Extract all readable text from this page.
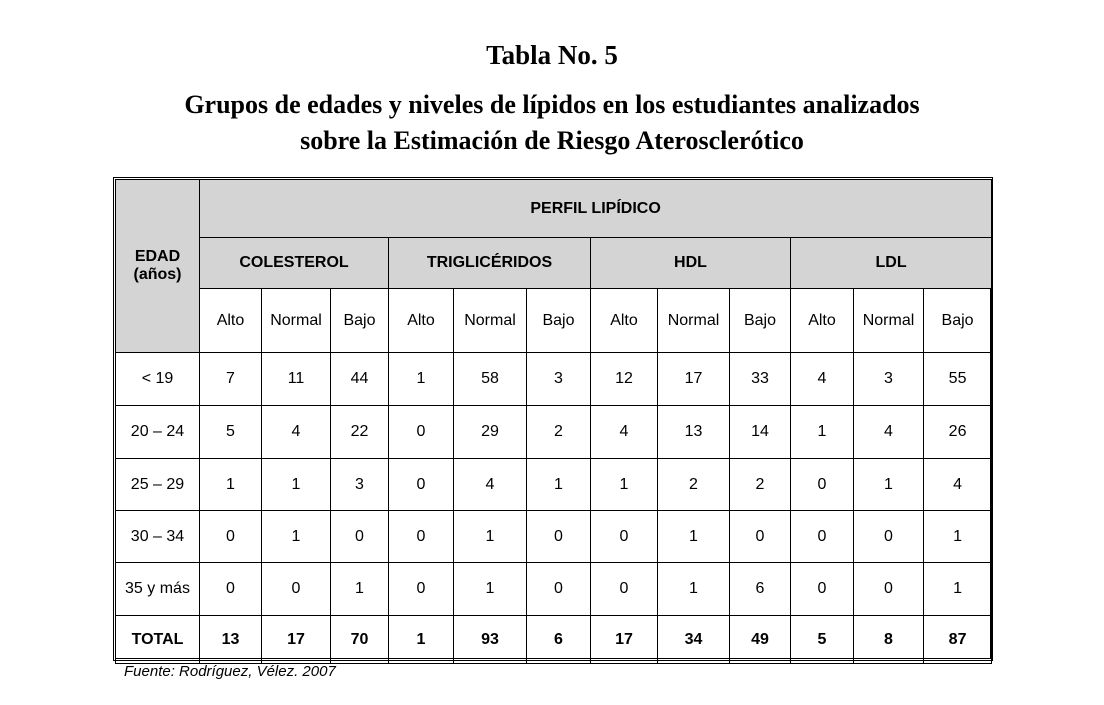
Tabla No. 5
Grupos de edades y niveles de lípidos en los estudiantes analizados
sobre la Estimación de Riesgo Aterosclerótico
EDAD
(años)	PERFIL LIPÍDICO											
	COLESTEROL			TRIGLICÉRIDOS			HDL			LDL		
	Alto	Normal	Bajo	Alto	Normal	Bajo	Alto	Normal	Bajo	Alto	Normal	Bajo
< 19	7	11	44	1	58	3	12	17	33	4	3	55
20 – 24	5	4	22	0	29	2	4	13	14	1	4	26
25 – 29	1	1	3	0	4	1	1	2	2	0	1	4
30 – 34	0	1	0	0	1	0	0	1	0	0	0	1
35 y más	0	0	1	0	1	0	0	1	6	0	0	1
TOTAL	13	17	70	1	93	6	17	34	49	5	8	87
Fuente: Rodríguez, Vélez. 2007
